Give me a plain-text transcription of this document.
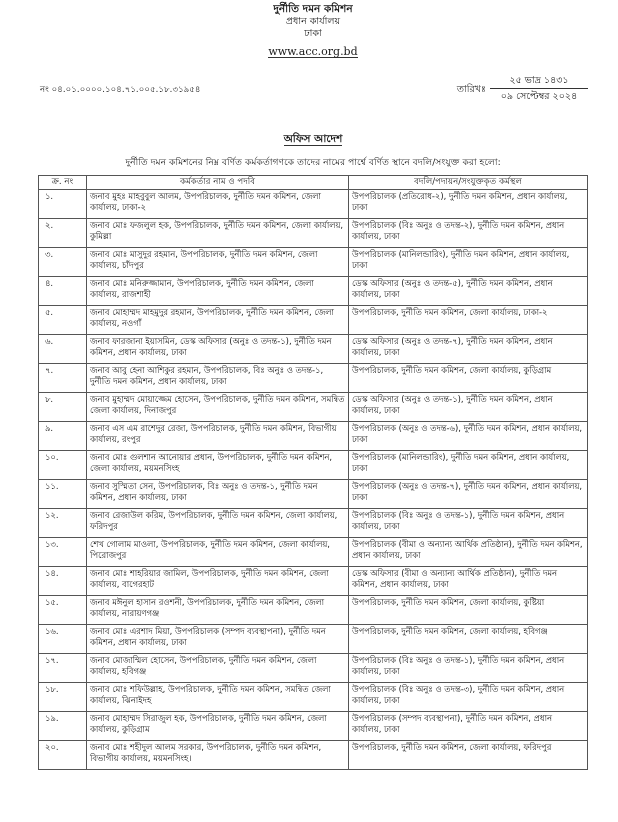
দুর্নীতি দমন কমিশন
প্রধান কার্যালয়
ঢাকা
www.acc.org.bd
নং ০৪.০১.০০০০.১০৪.৭১.০০৫.১৮.৩১৯৫৪	তারিখঃ
২৫ ভাদ্র ১৪৩১
০৯ সেপ্টেম্বর ২০২৪
অফিস আদেশ
দুর্নীতি দমন কমিশনের নিম্ন বর্ণিত কর্মকর্তাগণকে তাদের নামের পার্শ্বে বর্ণিত স্থানে বদলি/সংযুক্ত করা হলো:
ক্র. নং	কর্মকর্তার নাম ও পদবি	বদলি/পদায়ন/সংযুক্তকৃত কর্মস্থল
১.	জনাব মুহঃ মাহবুবুল আলম, উপপরিচালক, দুর্নীতি দমন কমিশন, জেলা কার্যালয়, ঢাকা-২	উপপরিচালক (প্রতিরোধ-২), দুর্নীতি দমন কমিশন, প্রধান কার্যালয়, ঢাকা
২.	জনাব মোঃ ফজলুল হক, উপপরিচালক, দুর্নীতি দমন কমিশন, জেলা কার্যালয়, কুমিল্লা	উপপরিচালক (বিঃ অনুঃ ও তদন্ত-২), দুর্নীতি দমন কমিশন, প্রধান কার্যালয়, ঢাকা
৩.	জনাব মোঃ মাসুদুর রহমান, উপপরিচালক, দুর্নীতি দমন কমিশন, জেলা কার্যালয়, চাঁদপুর	উপপরিচালক (মানিলন্ডারিং), দুর্নীতি দমন কমিশন, প্রধান কার্যালয়, ঢাকা
৪.	জনাব মোঃ মনিরুজ্জামান, উপপরিচালক, দুর্নীতি দমন কমিশন, জেলা কার্যালয়, রাজশাহী	ডেস্ক অফিসার (অনুঃ ও তদন্ত-৫), দুর্নীতি দমন কমিশন, প্রধান কার্যালয়, ঢাকা
৫.	জনাব মোহাম্মদ মাহমুদুর রহমান, উপপরিচালক, দুর্নীতি দমন কমিশন, জেলা কার্যালয়, নওগাঁ	উপপরিচালক, দুর্নীতি দমন কমিশন, জেলা কার্যালয়, ঢাকা-২
৬.	জনাব ফারজানা ইয়াসমিন, ডেস্ক অফিসার (অনুঃ ও তদন্ত-১), দুর্নীতি দমন কমিশন, প্রধান কার্যালয়, ঢাকা	ডেস্ক অফিসার (অনুঃ ও তদন্ত-৭), দুর্নীতি দমন কমিশন, প্রধান কার্যালয়, ঢাকা
৭.	জনাব আবু হেনা আশিকুর রহমান, উপপরিচালক, বিঃ অনুঃ ও তদন্ত-১, দুর্নীতি দমন কমিশন, প্রধান কার্যালয়, ঢাকা	উপপরিচালক, দুর্নীতি দমন কমিশন, জেলা কার্যালয়, কুড়িগ্রাম
৮.	জনাব মুহাম্মদ মোয়াজ্জেম হোসেন, উপপরিচালক, দুর্নীতি দমন কমিশন, সমন্বিত জেলা কার্যালয়, দিনাজপুর	ডেস্ক অফিসার (অনুঃ ও তদন্ত-১), দুর্নীতি দমন কমিশন, প্রধান কার্যালয়, ঢাকা
৯.	জনাব এস এম রাশেদুর রেজা, উপপরিচালক, দুর্নীতি দমন কমিশন, বিভাগীয় কার্যালয়, রংপুর	উপপরিচালক (অনুঃ ও তদন্ত-৬), দুর্নীতি দমন কমিশন, প্রধান কার্যালয়, ঢাকা
১০.	জনাব মোঃ গুলশান আনোয়ার প্রধান, উপপরিচালক, দুর্নীতি দমন কমিশন, জেলা কার্যালয়, ময়মনসিংহ	উপপরিচালক (মানিলন্ডারিং), দুর্নীতি দমন কমিশন, প্রধান কার্যালয়, ঢাকা
১১.	জনাব সুস্মিতা সেন, উপপরিচালক, বিঃ অনুঃ ও তদন্ত-১, দুর্নীতি দমন কমিশন, প্রধান কার্যালয়, ঢাকা	উপপরিচালক (অনুঃ ও তদন্ত-৭), দুর্নীতি দমন কমিশন, প্রধান কার্যালয়, ঢাকা
১২.	জনাব রেজাউল করিম, উপপরিচালক, দুর্নীতি দমন কমিশন, জেলা কার্যালয়, ফরিদপুর	উপপরিচালক (বিঃ অনুঃ ও তদন্ত-১), দুর্নীতি দমন কমিশন, প্রধান কার্যালয়, ঢাকা
১৩.	শেখ গোলাম মাওলা, উপপরিচালক, দুর্নীতি দমন কমিশন, জেলা কার্যালয়, পিরোজপুর	উপপরিচালক (বীমা ও অন্যান্য আর্থিক প্রতিষ্ঠান), দুর্নীতি দমন কমিশন, প্রধান কার্যালয়, ঢাকা
১৪.	জনাব মোঃ শাহরিয়ার জামিল, উপপরিচালক, দুর্নীতি দমন কমিশন, জেলা কার্যালয়, বাগেরহাট	ডেস্ক অফিসার (বীমা ও অন্যান্য আর্থিক প্রতিষ্ঠান), দুর্নীতি দমন কমিশন, প্রধান কার্যালয়, ঢাকা
১৫.	জনাব মঈনুল হাসান রওশনী, উপপরিচালক, দুর্নীতি দমন কমিশন, জেলা কার্যালয়, নারায়ণগঞ্জ	উপপরিচালক, দুর্নীতি দমন কমিশন, জেলা কার্যালয়, কুষ্টিয়া
১৬.	জনাব মোঃ এরশাদ মিয়া, উপপরিচালক (সম্পদ ব্যবস্থাপনা), দুর্নীতি দমন কমিশন, প্রধান কার্যালয়, ঢাকা	উপপরিচালক, দুর্নীতি দমন কমিশন, জেলা কার্যালয়, হবিগঞ্জ
১৭.	জনাব মোজাম্মিল হোসেন, উপপরিচালক, দুর্নীতি দমন কমিশন, জেলা কার্যালয়, হবিগঞ্জ	উপপরিচালক (বিঃ অনুঃ ও তদন্ত-১), দুর্নীতি দমন কমিশন, প্রধান কার্যালয়, ঢাকা
১৮.	জনাব মোঃ শফিউল্লাহ, উপপরিচালক, দুর্নীতি দমন কমিশন, সমন্বিত জেলা কার্যালয়, ঝিনাইদহ	উপপরিচালক (বিঃ অনুঃ ও তদন্ত-৩), দুর্নীতি দমন কমিশন, প্রধান কার্যালয়, ঢাকা
১৯.	জনাব মোহাম্মদ সিরাজুল হক, উপপরিচালক, দুর্নীতি দমন কমিশন, জেলা কার্যালয়, কুড়িগ্রাম	উপপরিচালক (সম্পদ ব্যবস্থাপনা), দুর্নীতি দমন কমিশন, প্রধান কার্যালয়, ঢাকা
২০.	জনাব মোঃ শহীদুল আলম সরকার, উপপরিচালক, দুর্নীতি দমন কমিশন, বিভাগীয় কার্যালয়, ময়মনসিংহ।	উপপরিচালক, দুর্নীতি দমন কমিশন, জেলা কার্যালয়, ফরিদপুর
